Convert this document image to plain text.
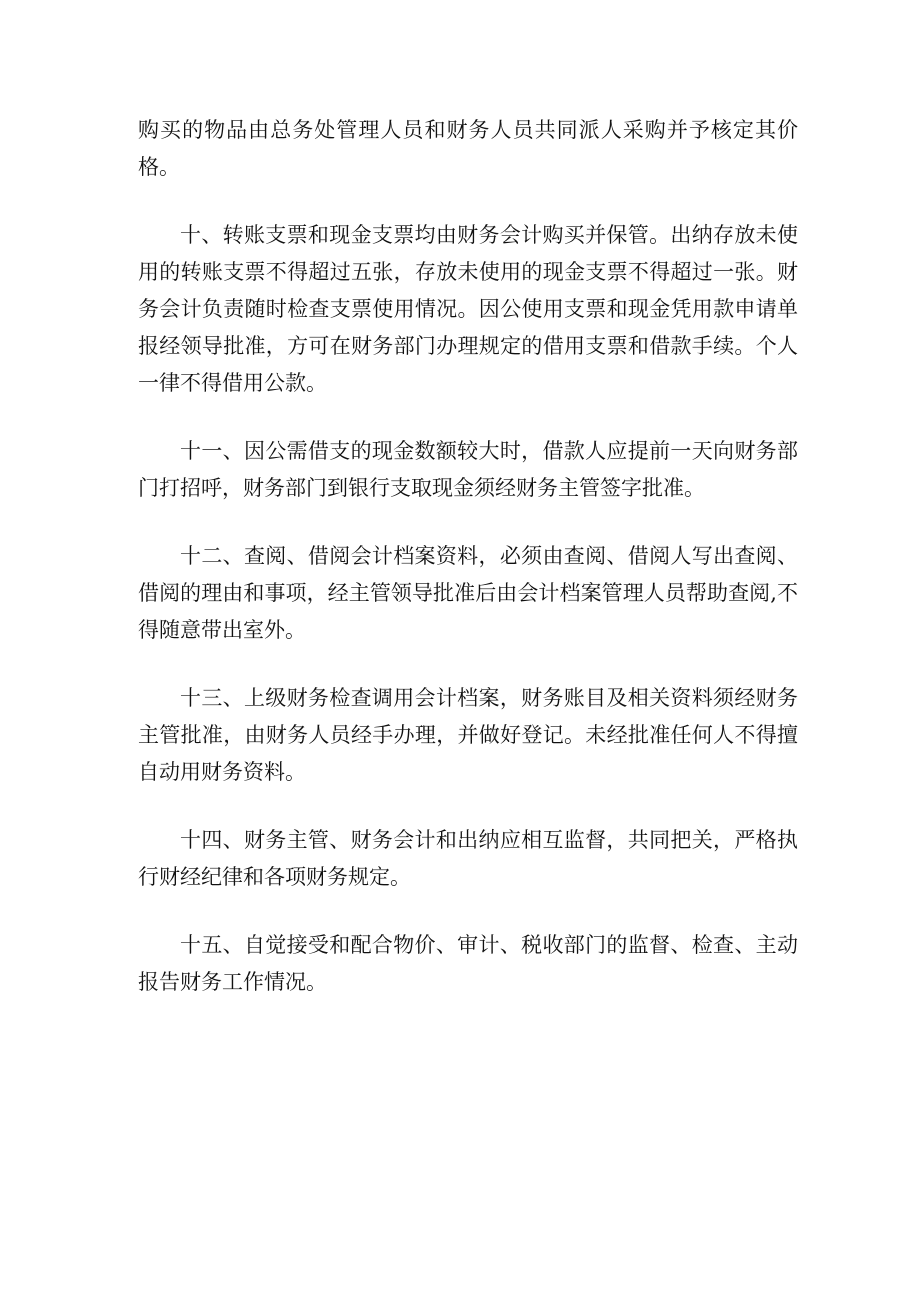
购买的物品由总务处管理人员和财务人员共同派人采购并予核定其价格。

十、转账支票和现金支票均由财务会计购买并保管。出纳存放未使用的转账支票不得超过五张，存放未使用的现金支票不得超过一张。财务会计负责随时检查支票使用情况。因公使用支票和现金凭用款申请单报经领导批准，方可在财务部门办理规定的借用支票和借款手续。个人一律不得借用公款。

十一、因公需借支的现金数额较大时，借款人应提前一天向财务部门打招呼，财务部门到银行支取现金须经财务主管签字批准。

十二、查阅、借阅会计档案资料，必须由查阅、借阅人写出查阅、借阅的理由和事项，经主管领导批准后由会计档案管理人员帮助查阅,不得随意带出室外。

十三、上级财务检查调用会计档案，财务账目及相关资料须经财务主管批准，由财务人员经手办理，并做好登记。未经批准任何人不得擅自动用财务资料。

十四、财务主管、财务会计和出纳应相互监督，共同把关，严格执行财经纪律和各项财务规定。

十五、自觉接受和配合物价、审计、税收部门的监督、检查、主动报告财务工作情况。
